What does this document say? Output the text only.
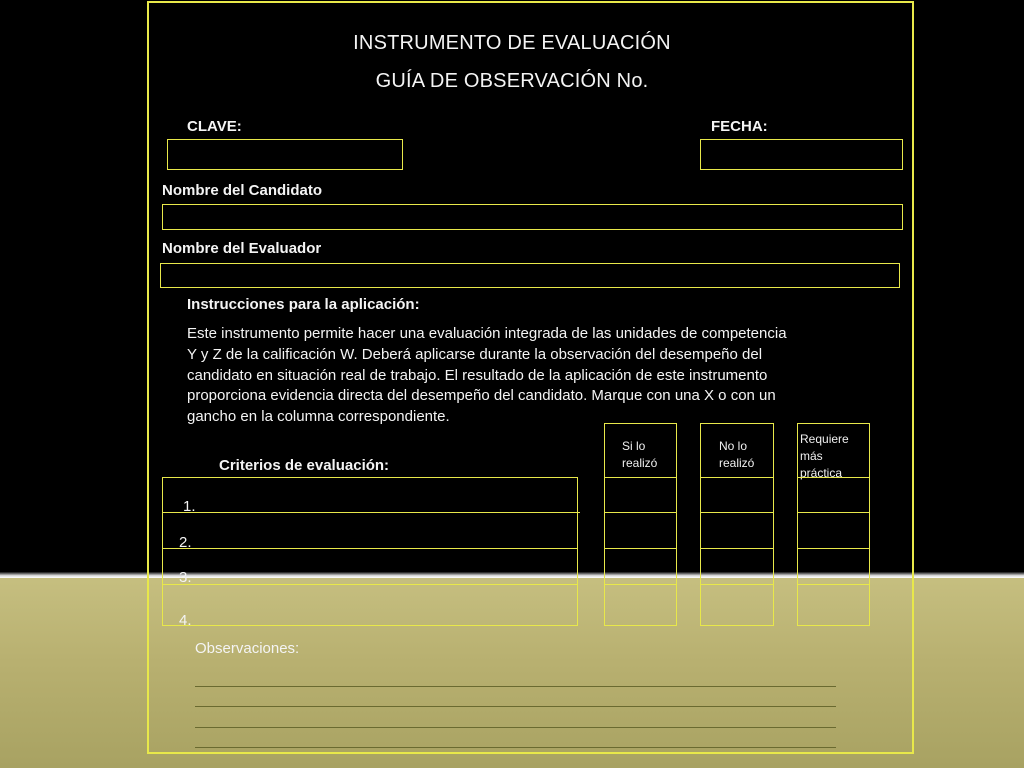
INSTRUMENTO DE EVALUACIÓN
GUÍA DE OBSERVACIÓN No.
CLAVE:	FECHA:
Nombre del Candidato
Nombre del Evaluador
Instrucciones para la aplicación:
Este instrumento permite hacer una evaluación integrada de las unidades de competencia
Y y Z de la calificación W. Deberá aplicarse durante la observación del desempeño del
candidato en situación real de trabajo. El resultado de la aplicación de este instrumento
proporciona evidencia directa del desempeño del candidato. Marque con una X o con un
gancho en la columna correspondiente.
Si lo
realizó
No lo
realizó
Requiere
más
práctica
Criterios de evaluación:
1.
2.
3.
4.
Observaciones:
